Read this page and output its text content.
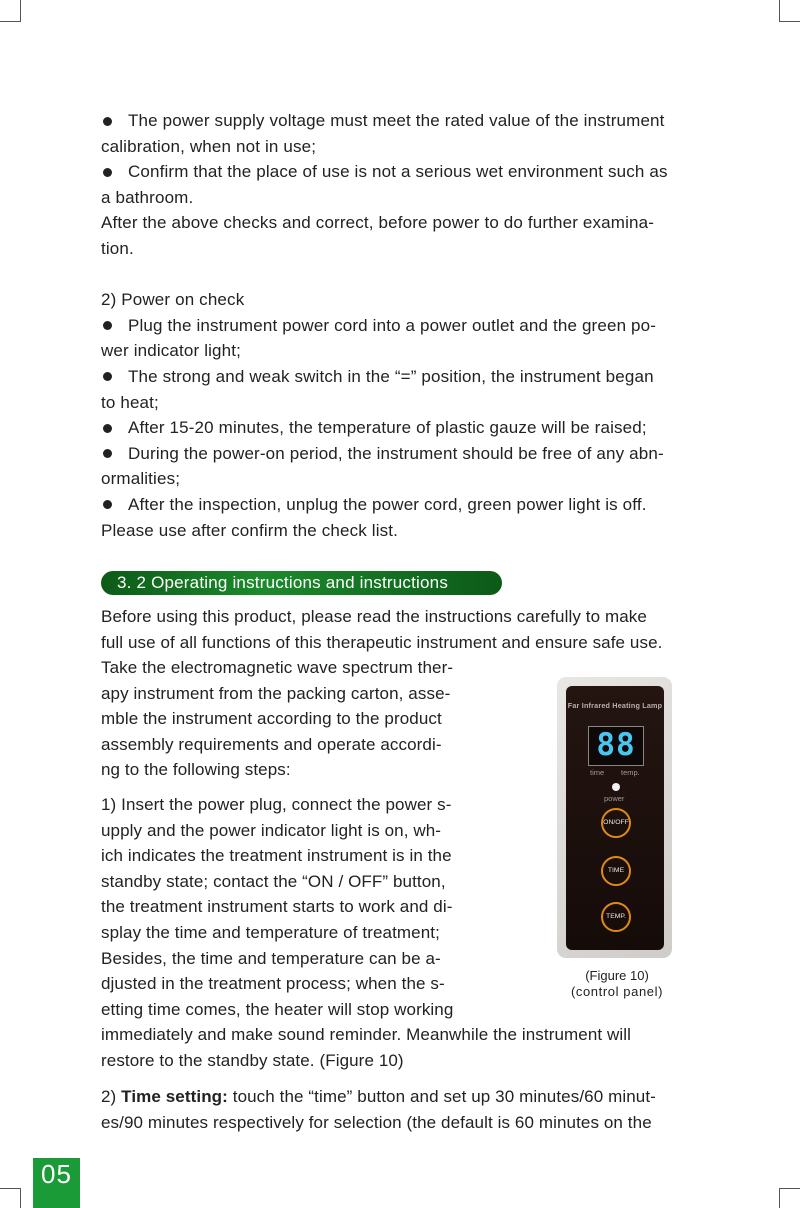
The power supply voltage must meet the rated value of the instrument
calibration, when not in use;
Confirm that the place of use is not a serious wet environment such as
a bathroom.
After the above checks and correct, before power to do further examina-
tion.
2) Power on check
Plug the instrument power cord into a power outlet and the green po-
wer indicator light;
The strong and weak switch in the “=” position, the instrument began
to heat;
After 15-20 minutes, the temperature of plastic gauze will be raised;
During the power-on period, the instrument should be free of any abn-
ormalities;
After the inspection, unplug the power cord, green power light is off.
Please use after confirm the check list.
3. 2 Operating instructions and instructions
Before using this product, please read the instructions carefully to make
full use of all functions of this therapeutic instrument and ensure safe use.
Take the electromagnetic wave spectrum ther-
apy instrument from the packing carton, asse-
mble the instrument according to the product
assembly requirements and operate accordi-
ng to the following steps:
1) Insert the power plug, connect the power s-
upply and the power indicator light is on, wh-
ich indicates the treatment instrument is in the
standby state; contact the “ON / OFF” button,
the treatment instrument starts to work and di-
splay the time and temperature of treatment;
Besides, the time and temperature can be a-
djusted in the treatment process; when the s-
etting time comes, the heater will stop working
immediately and make sound reminder. Meanwhile the instrument will
restore to the standby state. (Figure 10)
2) Time setting: touch the “time” button and set up 30 minutes/60 minut-
es/90 minutes respectively for selection (the default is 60 minutes on the
Far Infrared Heating Lamp
88
time temp.
power
ON/OFF
TIME
TEMP.
(Figure 10)
(control panel)
05
